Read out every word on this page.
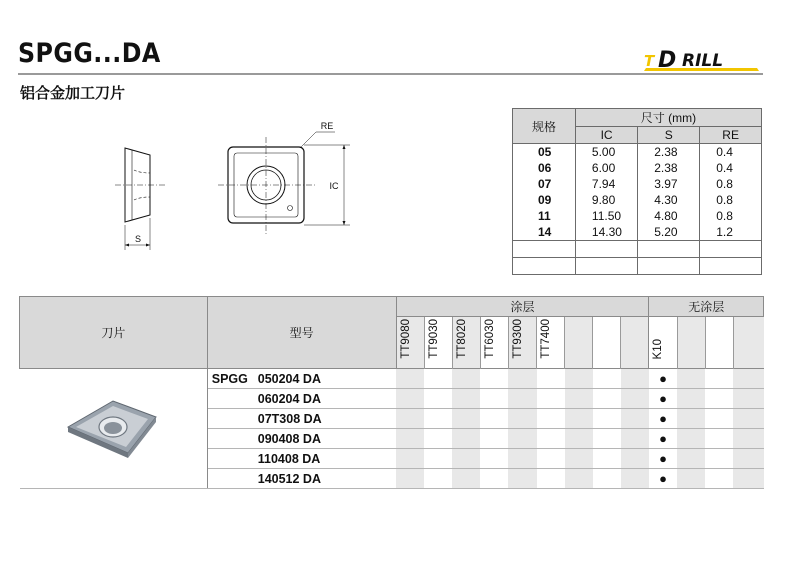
SPGG...DA
铝合金加工刀片
T D RILL
S
RE
IC
规格	尺寸 (mm)		
	IC	S	RE
05	5.00	2.38	0.4
06	6.00	2.38	0.4
07	7.94	3.97	0.8
09	9.80	4.30	0.8
11	11.50	4.80	0.8
14	14.30	5.20	1.2

刀片	型号	涂层									无涂层			
		TT9080	TT9030	TT8020	TT6030	TT9300	TT7400				K10			
	SPGG 050204 DA										●			
	060204 DA										●			
	07T308 DA										●			
	090408 DA										●			
	110408 DA										●			
	140512 DA										●			
